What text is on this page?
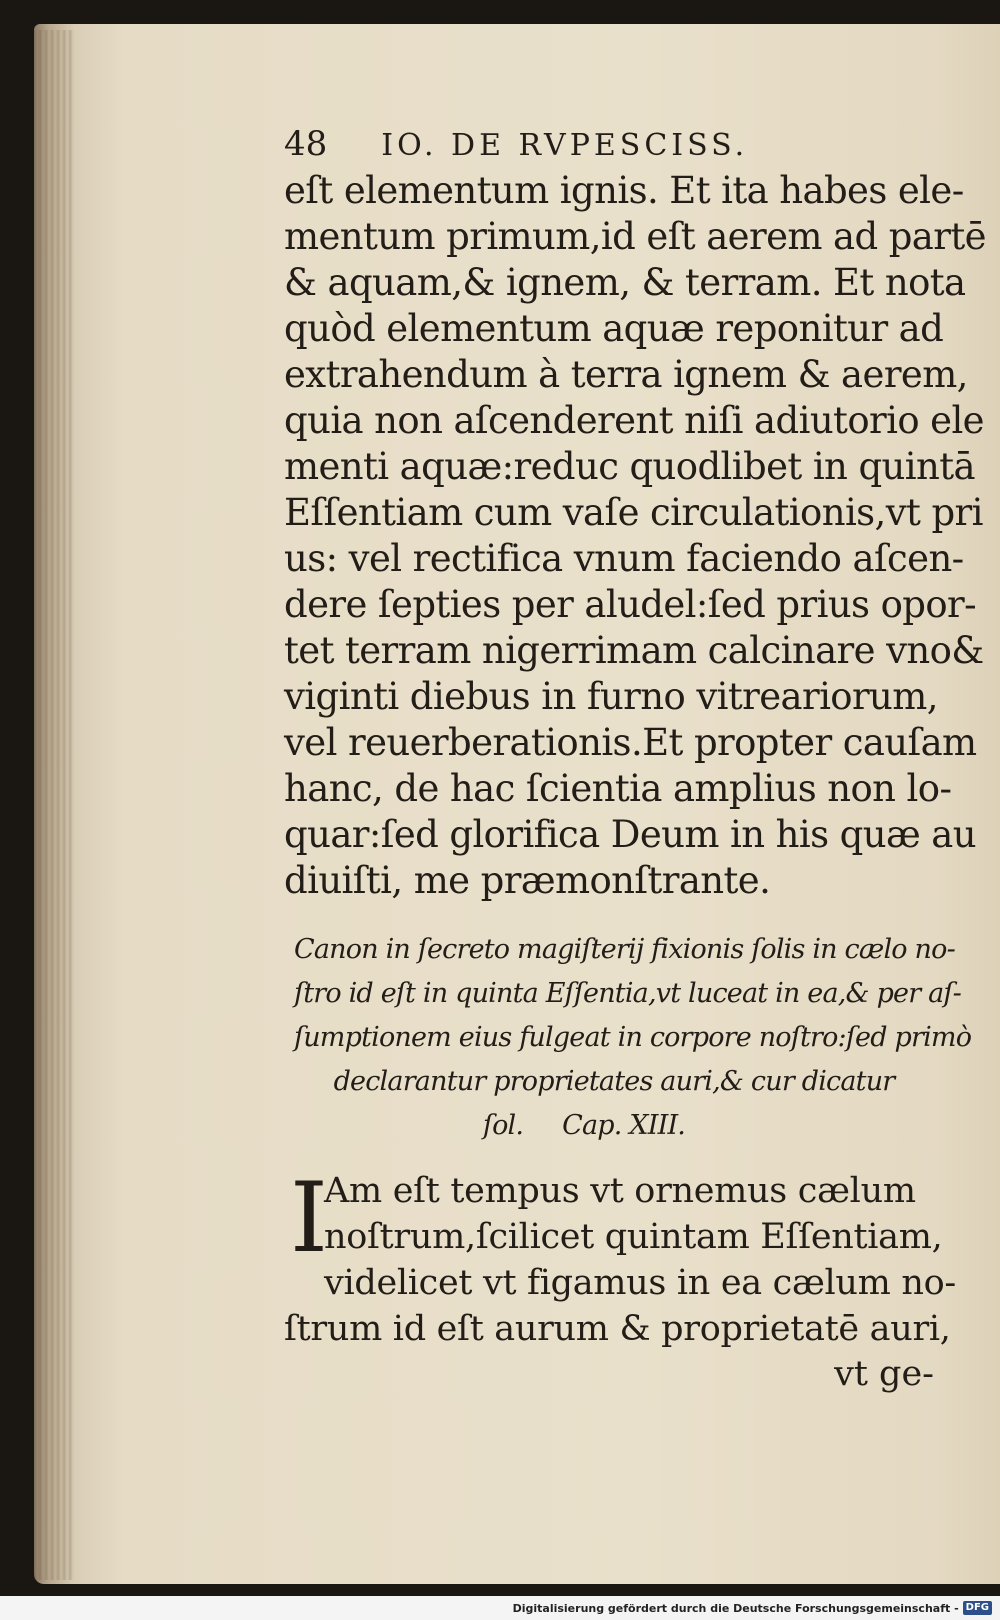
48 IO. DE RVPESCISS.
eſt elementum ignis. Et ita habes ele-
mentum primum,id eſt aerem ad partē
& aquam,& ignem, & terram. Et nota
quòd elementum aquæ reponitur ad
extrahendum à terra ignem & aerem,
quia non aſcenderent niſi adiutorio ele
menti aquæ:reduc quodlibet in quintā
Eſſentiam cum vaſe circulationis,vt pri
us: vel rectifica vnum faciendo aſcen-
dere ſepties per aludel:ſed prius opor-
tet terram nigerrimam calcinare vno&
viginti diebus in furno vitreariorum,
vel reuerberationis.Et propter cauſam
hanc, de hac ſcientia amplius non lo-
quar:ſed glorifica Deum in his quæ au
diuiſti, me præmonſtrante.
Canon in ſecreto magiſterij fixionis ſolis in cælo no-
ſtro id eſt in quinta Eſſentia,vt luceat in ea,& per aſ-
ſumptionem eius fulgeat in corpore noſtro:ſed primò
declarantur proprietates auri,& cur dicatur
ſol.     Cap. XIII.
I
Am eſt tempus vt ornemus cælum
noſtrum,ſcilicet quintam Eſſentiam,
videlicet vt figamus in ea cælum no-
ſtrum id eſt aurum & proprietatē auri,
vt ge-
Digitalisierung gefördert durch die Deutsche Forschungsgemeinschaft - DFG
